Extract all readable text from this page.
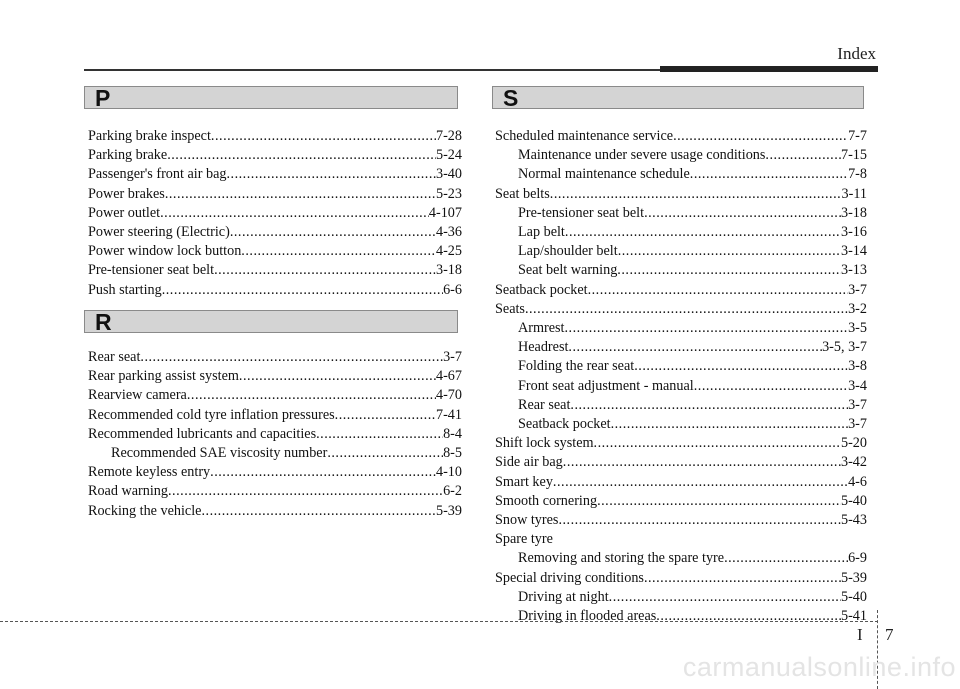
Index
P
R
S
Parking brake inspect .....	7-28
Parking brake .....	5-24
Passenger's front air bag .....	3-40
Power brakes .....	5-23
Power outlet .....	4-107
Power steering (Electric) .....	4-36
Power window lock button .....	4-25
Pre-tensioner seat belt .....	3-18
Push starting .....	6-6
Rear seat .....	3-7
Rear parking assist system .....	4-67
Rearview camera .....	4-70
Recommended cold tyre inflation pressures .....	7-41
Recommended lubricants and capacities .....	8-4
Recommended SAE viscosity number .....	8-5
Remote keyless entry .....	4-10
Road warning .....	6-2
Rocking the vehicle .....	5-39
Scheduled maintenance service .....	7-7
Maintenance under severe usage conditions .....	7-15
Normal maintenance schedule .....	7-8
Seat belts .....	3-11
Pre-tensioner seat belt .....	3-18
Lap belt .....	3-16
Lap/shoulder belt .....	3-14
Seat belt warning .....	3-13
Seatback pocket .....	3-7
Seats .....	3-2
Armrest .....	3-5
Headrest .....	3-5, 3-7
Folding the rear seat .....	3-8
Front seat adjustment - manual .....	3-4
Rear seat .....	3-7
Seatback pocket .....	3-7
Shift lock system .....	5-20
Side air bag .....	3-42
Smart key .....	4-6
Smooth cornering .....	5-40
Snow tyres .....	5-43
Spare tyre
Removing and storing the spare tyre .....	6-9
Special driving conditions .....	5-39
Driving at night .....	5-40
Driving in flooded areas .....	5-41
I 7
carmanualsonline.info
